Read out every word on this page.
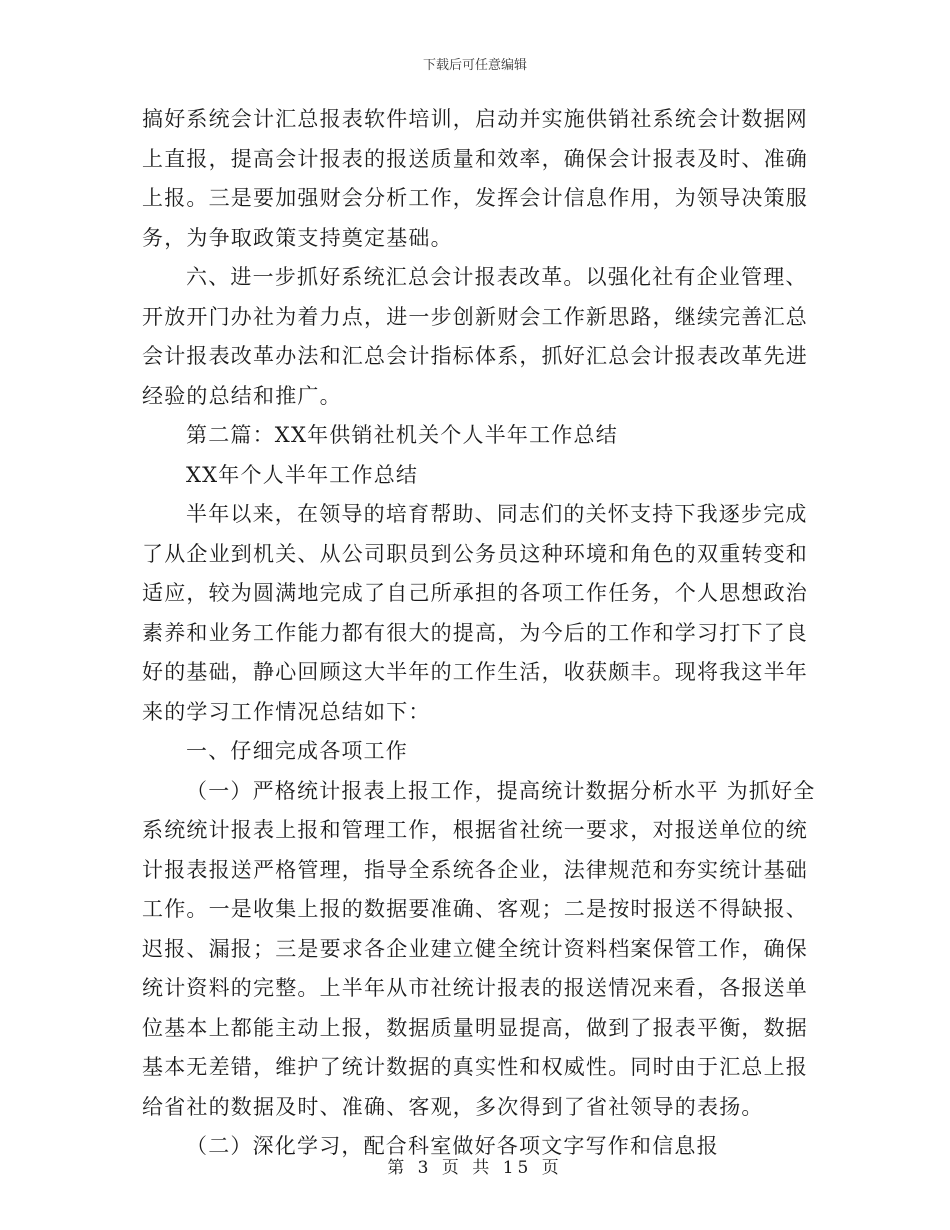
下载后可任意编辑

搞好系统会计汇总报表软件培训，启动并实施供销社系统会计数据网
上直报，提高会计报表的报送质量和效率，确保会计报表及时、准确
上报。三是要加强财会分析工作，发挥会计信息作用，为领导决策服
务，为争取政策支持奠定基础。

六、进一步抓好系统汇总会计报表改革。以强化社有企业管理、
开放开门办社为着力点，进一步创新财会工作新思路，继续完善汇总
会计报表改革办法和汇总会计指标体系，抓好汇总会计报表改革先进
经验的总结和推广。

第二篇：XX年供销社机关个人半年工作总结

XX年个人半年工作总结

半年以来，在领导的培育帮助、同志们的关怀支持下我逐步完成
了从企业到机关、从公司职员到公务员这种环境和角色的双重转变和
适应，较为圆满地完成了自己所承担的各项工作任务，个人思想政治
素养和业务工作能力都有很大的提高，为今后的工作和学习打下了良
好的基础，静心回顾这大半年的工作生活，收获颇丰。现将我这半年
来的学习工作情况总结如下：

一、仔细完成各项工作

（一）严格统计报表上报工作，提高统计数据分析水平 为抓好全
系统统计报表上报和管理工作，根据省社统一要求，对报送单位的统
计报表报送严格管理，指导全系统各企业，法律规范和夯实统计基础
工作。一是收集上报的数据要准确、客观；二是按时报送不得缺报、
迟报、漏报；三是要求各企业建立健全统计资料档案保管工作，确保
统计资料的完整。上半年从市社统计报表的报送情况来看，各报送单
位基本上都能主动上报，数据质量明显提高，做到了报表平衡，数据
基本无差错，维护了统计数据的真实性和权威性。同时由于汇总上报
给省社的数据及时、准确、客观，多次得到了省社领导的表扬。

（二）深化学习，配合科室做好各项文字写作和信息报

第 3 页 共 15 页
